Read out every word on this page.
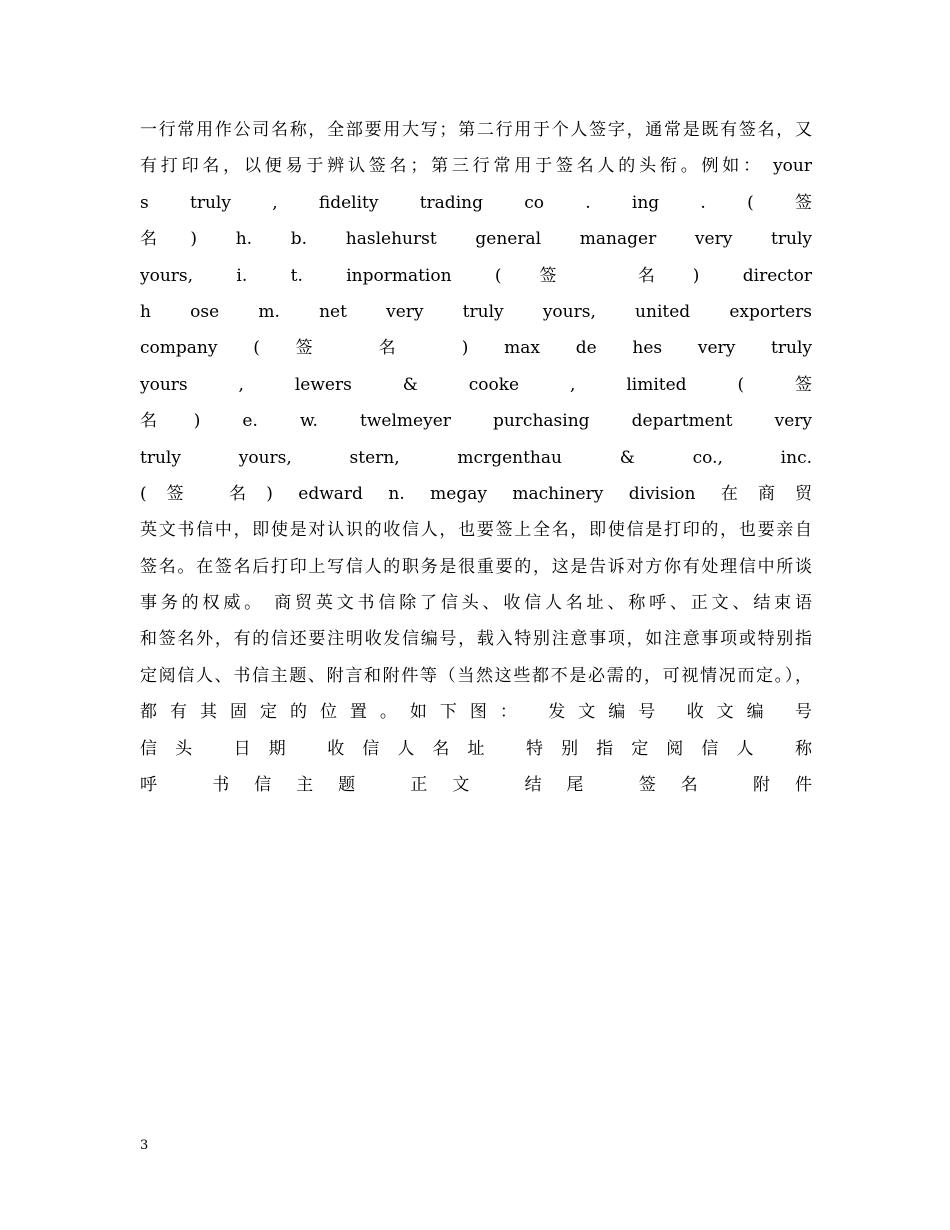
一行常用作公司名称，全部要用大写；第二行用于个人签字，通常是既有签名，又
有打印名，以便易于辨认签名；第三行常用于签名人的头衔。例如： your
s truly , fidelity trading co . ing . ( 签
名) h. b. haslehurst general manager very truly
yours, i. t. inpormation (签 名) director
h ose m. net very truly yours, united exporters
company ( 签 名 ) max de hes very truly
yours , lewers & cooke , limited ( 签
名) e. w. twelmeyer purchasing department very
truly yours, stern, mcrgenthau & co., inc.
(签 名) edward n. megay machinery division 在商贸
英文书信中，即使是对认识的收信人，也要签上全名，即使信是打印的，也要亲自
签名。在签名后打印上写信人的职务是很重要的，这是告诉对方你有处理信中所谈
事务的权威。 商贸英文书信除了信头、收信人名址、称呼、正文、结束语
和签名外，有的信还要注明收发信编号，载入特别注意事项，如注意事项或特别指
定阅信人、书信主题、附言和附件等（当然这些都不是必需的，可视情况而定。），
都有其固定的位置。如下图： 发文编号 收文编 号
信头 日期 收信人名址 特别指定阅信人 称
呼 书信主题 正文 结尾 签名 附件
3
